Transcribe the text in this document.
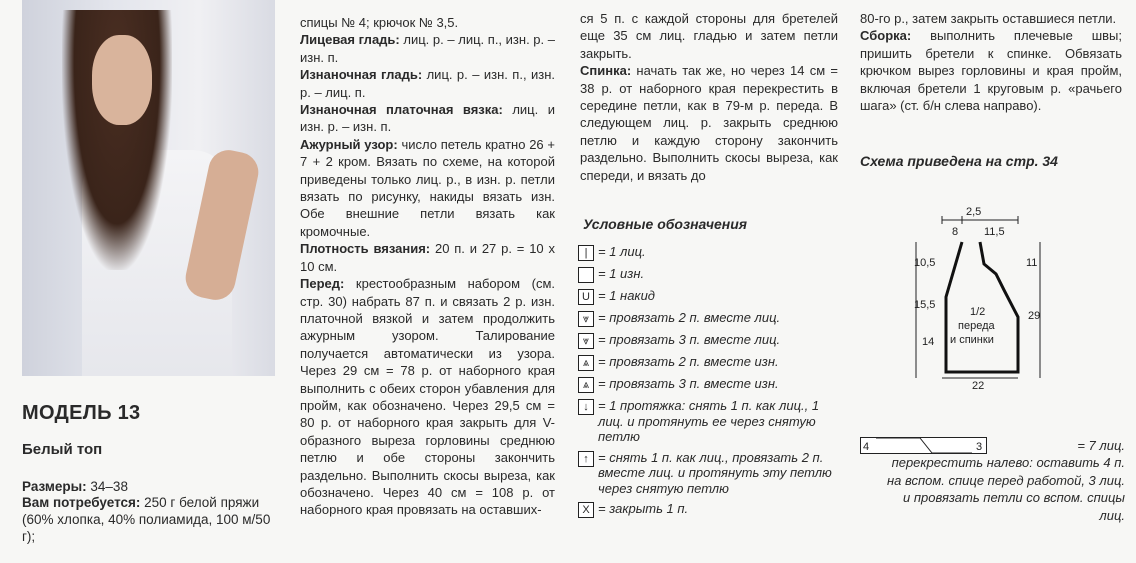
МОДЕЛЬ 13
Белый топ
Размеры: 34–38
Вам потребуется: 250 г белой пряжи (60% хлопка, 40% полиамида, 100 м/50 г);

спицы № 4; крючок № 3,5.

Лицевая гладь: лиц. р. – лиц. п., изн. р. – изн. п.

Изнаночная гладь: лиц. р. – изн. п., изн. р. – лиц. п.

Изнаночная платочная вязка: лиц. и изн. р. – изн. п.

Ажурный узор: число петель кратно 26 + 7 + 2 кром. Вязать по схеме, на которой приведены только лиц. р., в изн. р. петли вязать по рисунку, накиды вязать изн. Обе внешние петли вязать как кромочные.

Плотность вязания: 20 п. и 27 р. = 10 х 10 см.

Перед: крестообразным набором (см. стр. 30) набрать 87 п. и связать 2 р. изн. платочной вязкой и затем продолжить ажурным узором. Талирование получается автоматически из узора. Через 29 см = 78 р. от наборного края выполнить с обеих сторон убавления для пройм, как обозначено. Через 29,5 см = 80 р. от наборного края закрыть для V-образного выреза горловины среднюю петлю и обе стороны закончить раздельно. Выполнить скосы выреза, как обозначено. Через 40 см = 108 р. от наборного края провязать на оставших-

ся 5 п. с каждой стороны для бретелей еще 35 см лиц. гладью и затем петли закрыть.

Спинка: начать так же, но через 14 см = 38 р. от наборного края перекрестить в середине петли, как в 79-м р. переда. В следующем лиц. р. закрыть среднюю петлю и каждую сторону закончить раздельно. Выполнить скосы выреза, как спереди, и вязать до

80-го р., затем закрыть оставшиеся петли.

Сборка: выполнить плечевые швы; пришить бретели к спинке. Обвязать крючком вырез горловины и края пройм, включая бретели 1 круговым р. «рачьего шага» (ст. б/н слева направо).

Условные обозначения
| = 1 лиц.
= 1 изн.
U = 1 накид
⩔ = провязать 2 п. вместе лиц.
⩔ = провязать 3 п. вместе лиц.
⩓ = провязать 2 п. вместе изн.
⩓ = провязать 3 п. вместе изн.
↓ = 1 протяжка: снять 1 п. как лиц., 1 лиц. и протянуть ее через снятую петлю
↑ = снять 1 п. как лиц., провязать 2 п. вместе лиц. и протянуть эту петлю через снятую петлю
X = закрыть 1 п.
Схема приведена на стр. 34
2,5
8 11,5
10,5
15,5
14
11
29
22
1/2
переда
и спинки
4	3	= 7 лиц. перекрестить налево: оставить 4 п. на вспом. спице перед работой, 3 лиц. и провязать петли со вспом. спицы лиц.
